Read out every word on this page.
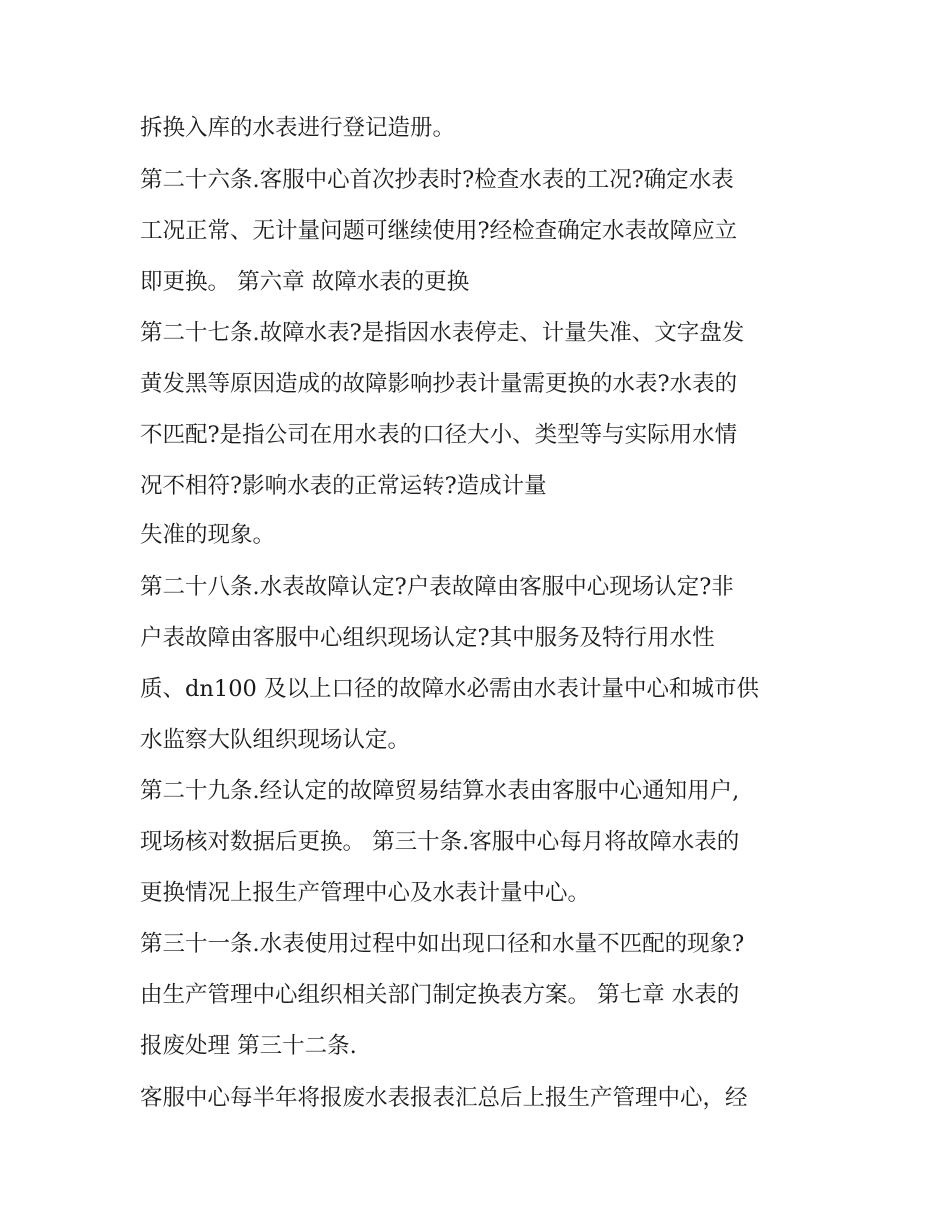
拆换入库的水表进行登记造册。
第二十六条.客服中心首次抄表时?检查水表的工况?确定水表
工况正常、无计量问题可继续使用?经检查确定水表故障应立
即更换。 第六章 故障水表的更换
第二十七条.故障水表?是指因水表停走、计量失准、文字盘发
黄发黑等原因造成的故障影响抄表计量需更换的水表?水表的
不匹配?是指公司在用水表的口径大小、类型等与实际用水情
况不相符?影响水表的正常运转?造成计量
失准的现象。
第二十八条.水表故障认定?户表故障由客服中心现场认定?非
户表故障由客服中心组织现场认定?其中服务及特行用水性
质、dn100 及以上口径的故障水必需由水表计量中心和城市供
水监察大队组织现场认定。
第二十九条.经认定的故障贸易结算水表由客服中心通知用户,
现场核对数据后更换。 第三十条.客服中心每月将故障水表的
更换情况上报生产管理中心及水表计量中心。
第三十一条.水表使用过程中如出现口径和水量不匹配的现象?
由生产管理中心组织相关部门制定换表方案。 第七章 水表的
报废处理 第三十二条.
客服中心每半年将报废水表报表汇总后上报生产管理中心，经
